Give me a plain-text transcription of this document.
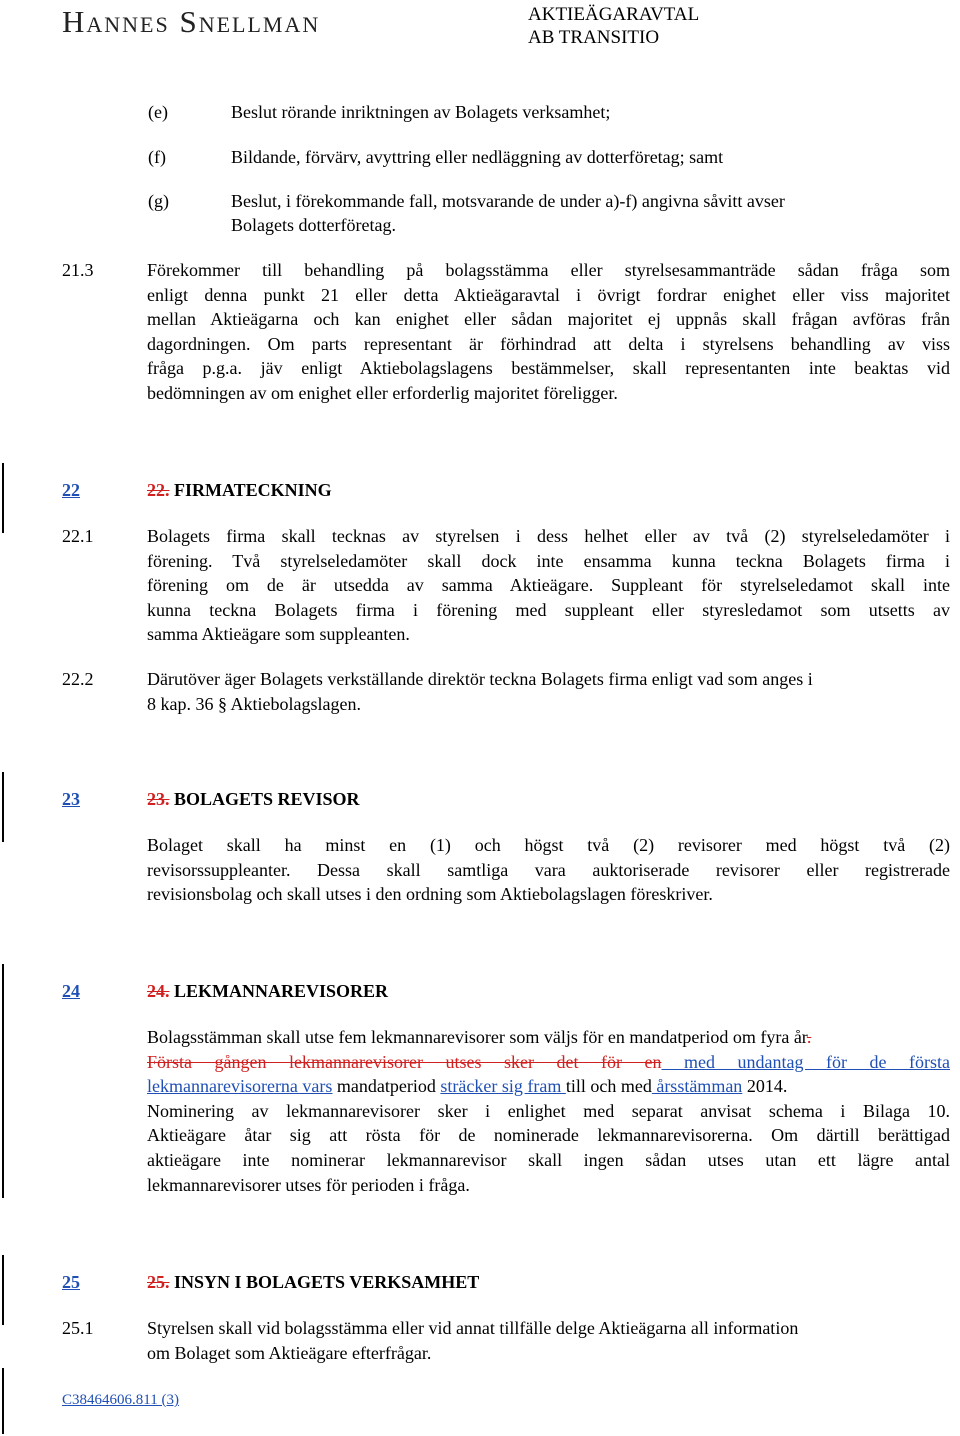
Hannes Snellman	AKTIEÄGARAVTAL
AB TRANSITIO
(e)	Beslut rörande inriktningen av Bolagets verksamhet;
(f)	Bildande, förvärv, avyttring eller nedläggning av dotterföretag; samt
(g)	Beslut, i förekommande fall, motsvarande de under a)-f) angivna såvitt avser
Bolagets dotterföretag.
21.3	Förekommer till behandling på bolagsstämma eller styrelsesammanträde sådan fråga som
enligt denna punkt 21 eller detta Aktieägaravtal i övrigt fordrar enighet eller viss majoritet
mellan Aktieägarna och kan enighet eller sådan majoritet ej uppnås skall frågan avföras från
dagordningen. Om parts representant är förhindrad att delta i styrelsens behandling av viss
fråga p.g.a. jäv enligt Aktiebolagslagens bestämmelser, skall representanten inte beaktas vid
bedömningen av om enighet eller erforderlig majoritet föreligger.
22	22. FIRMATECKNING
22.1	Bolagets firma skall tecknas av styrelsen i dess helhet eller av två (2) styrelseledamöter i
förening. Två styrelseledamöter skall dock inte ensamma kunna teckna Bolagets firma i
förening om de är utsedda av samma Aktieägare. Suppleant för styrelseledamot skall inte
kunna teckna Bolagets firma i förening med suppleant eller styresledamot som utsetts av
samma Aktieägare som suppleanten.
22.2	Därutöver äger Bolagets verkställande direktör teckna Bolagets firma enligt vad som anges i
8 kap. 36 § Aktiebolagslagen.
23	23. BOLAGETS REVISOR
Bolaget skall ha minst en (1) och högst två (2) revisorer med högst två (2)
revisorssuppleanter. Dessa skall samtliga vara auktoriserade revisorer eller registrerade
revisionsbolag och skall utses i den ordning som Aktiebolagslagen föreskriver.
24	24. LEKMANNAREVISORER
Bolagsstämman skall utse fem lekmannarevisorer som väljs för en mandatperiod om fyra år.
Första gången lekmannarevisorer utses sker det för en med undantag för de första
lekmannarevisorerna vars mandatperiod sträcker sig fram till och med årsstämman 2014.
Nominering av lekmannarevisorer sker i enlighet med separat anvisat schema i Bilaga 10.
Aktieägare åtar sig att rösta för de nominerade lekmannarevisorerna. Om därtill berättigad
aktieägare inte nominerar lekmannarevisor skall ingen sådan utses utan ett lägre antal
lekmannarevisorer utses för perioden i fråga.
25	25. INSYN I BOLAGETS VERKSAMHET
25.1	Styrelsen skall vid bolagsstämma eller vid annat tillfälle delge Aktieägarna all information
om Bolaget som Aktieägare efterfrågar.
C38464606.811 (3)
